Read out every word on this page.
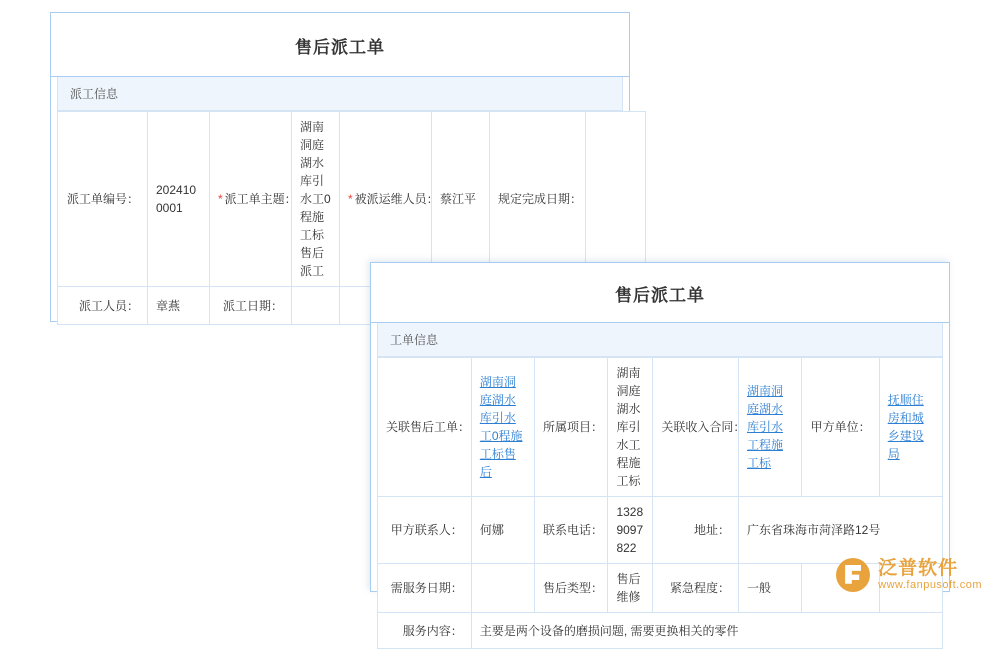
售后派工单
派工信息
派工单编号：	2024100001	* 派工单主题：	湖南洞庭湖水库引水工0程施工标售后派工	* 被派运维人员：	蔡江平	规定完成日期：	
派工人员：	章燕	派工日期：					
售后派工单
工单信息
关联售后工单：	湖南洞庭湖水库引水工0程施工标售后	所属项目：	湖南洞庭湖水库引水工程施工标	关联收入合同：	湖南洞庭湖水库引水工程施工标	甲方单位：	抚顺住房和城乡建设局
甲方联系人：	何娜	联系电话：	13289097822	地址：	广东省珠海市菏泽路12号		
需服务日期：		售后类型：	售后维修	紧急程度：	一般		
服务内容：	主要是两个设备的磨损问题, 需要更换相关的零件						
泛普软件
www.fanpusoft.com
